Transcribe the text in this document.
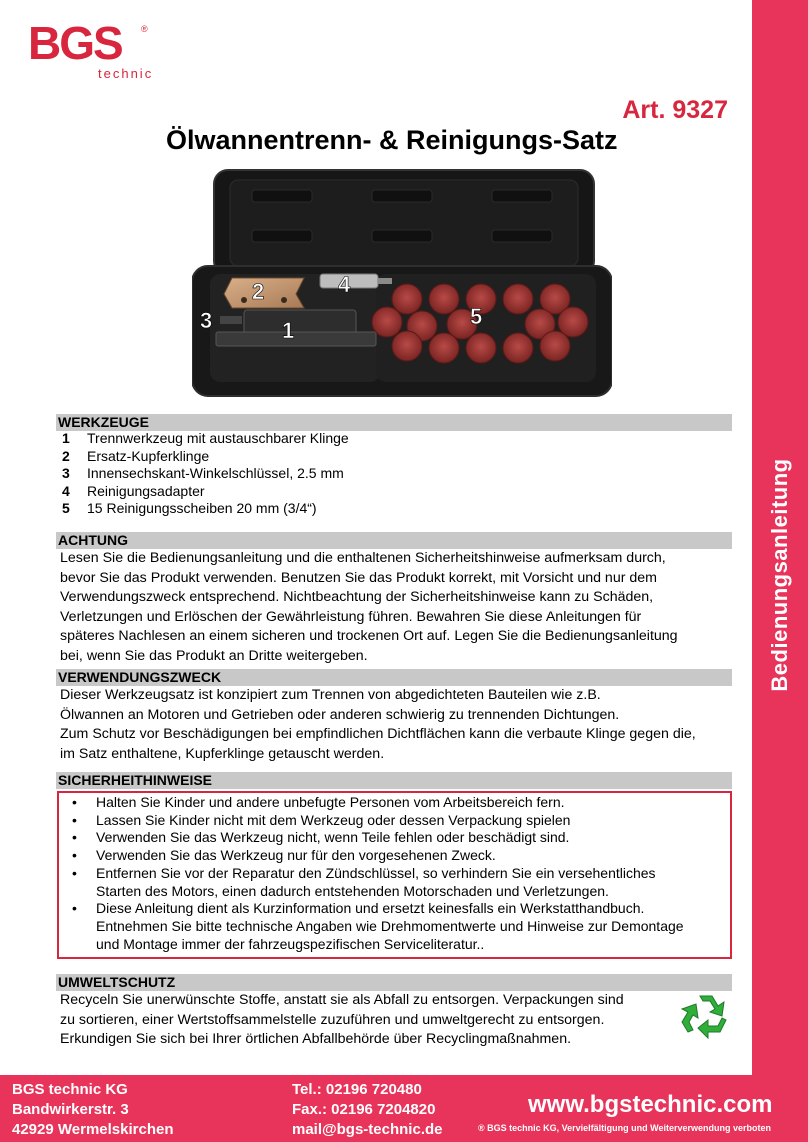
Bedienungsanleitung
BGS ®
technic
Art. 9327
Ölwannentrenn- & Reinigungs-Satz
1
2
3
4
5
WERKZEUGE
1	Trennwerkzeug mit austauschbarer Klinge
2	Ersatz-Kupferklinge
3	Innensechskant-Winkelschlüssel, 2.5 mm
4	Reinigungsadapter
5	15 Reinigungsscheiben 20 mm (3/4“)
ACHTUNG

Lesen Sie die Bedienungsanleitung und die enthaltenen Sicherheitshinweise aufmerksam durch,

bevor Sie das Produkt verwenden. Benutzen Sie das Produkt korrekt, mit Vorsicht und nur dem

Verwendungszweck entsprechend. Nichtbeachtung der Sicherheitshinweise kann zu Schäden,

Verletzungen und Erlöschen der Gewährleistung führen. Bewahren Sie diese Anleitungen für

späteres Nachlesen an einem sicheren und trockenen Ort auf. Legen Sie die Bedienungsanleitung

bei, wenn Sie das Produkt an Dritte weitergeben.

VERWENDUNGSZWECK

Dieser Werkzeugsatz ist konzipiert zum Trennen von abgedichteten Bauteilen wie z.B.

Ölwannen an Motoren und Getrieben oder anderen schwierig zu trennenden Dichtungen.

Zum Schutz vor Beschädigungen bei empfindlichen Dichtflächen kann die verbaute Klinge gegen die,

im Satz enthaltene, Kupferklinge getauscht werden.

SICHERHEITHINWEISE
•	Halten Sie Kinder und andere unbefugte Personen vom Arbeitsbereich fern.
•	Lassen Sie Kinder nicht mit dem Werkzeug oder dessen Verpackung spielen
•	Verwenden Sie das Werkzeug nicht, wenn Teile fehlen oder beschädigt sind.
•	Verwenden Sie das Werkzeug nur für den vorgesehenen Zweck.
•	Entfernen Sie vor der Reparatur den Zündschlüssel, so verhindern Sie ein versehentliches
Starten des Motors, einen dadurch entstehenden Motorschaden und Verletzungen.
•	Diese Anleitung dient als Kurzinformation und ersetzt keinesfalls ein Werkstatthandbuch.
Entnehmen Sie bitte technische Angaben wie Drehmomentwerte und Hinweise zur Demontage
und Montage immer der fahrzeugspezifischen Serviceliteratur..
UMWELTSCHUTZ

Recyceln Sie unerwünschte Stoffe, anstatt sie als Abfall zu entsorgen. Verpackungen sind

zu sortieren, einer Wertstoffsammelstelle zuzuführen und umweltgerecht zu entsorgen.

Erkundigen Sie sich bei Ihrer örtlichen Abfallbehörde über Recyclingmaßnahmen.

BGS technic KG
Bandwirkerstr. 3
42929 Wermelskirchen
Tel.: 02196 720480
Fax.: 02196 7204820
mail@bgs-technic.de
www.bgstechnic.com
® BGS technic KG, Vervielfältigung und Weiterverwendung verboten
